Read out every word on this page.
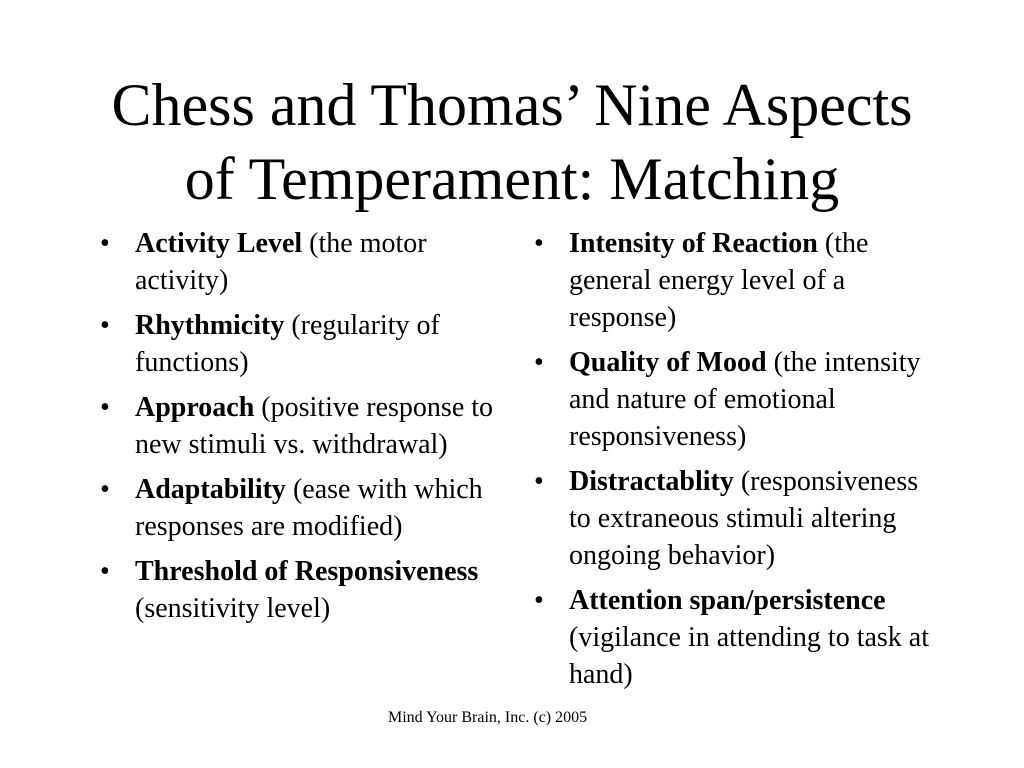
Chess and Thomas’ Nine Aspects
of Temperament: Matching
• Activity Level (the motor activity)
• Rhythmicity (regularity of functions)
• Approach (positive response to new stimuli vs. withdrawal)
• Adaptability (ease with which responses are modified)
• Threshold of Responsiveness (sensitivity level)
• Intensity of Reaction (the general energy level of a response)
• Quality of Mood (the intensity and nature of emotional responsiveness)
• Distractablity (responsiveness to extraneous stimuli altering ongoing behavior)
• Attention span/persistence (vigilance in attending to task at hand)
Mind Your Brain, Inc. (c) 2005
